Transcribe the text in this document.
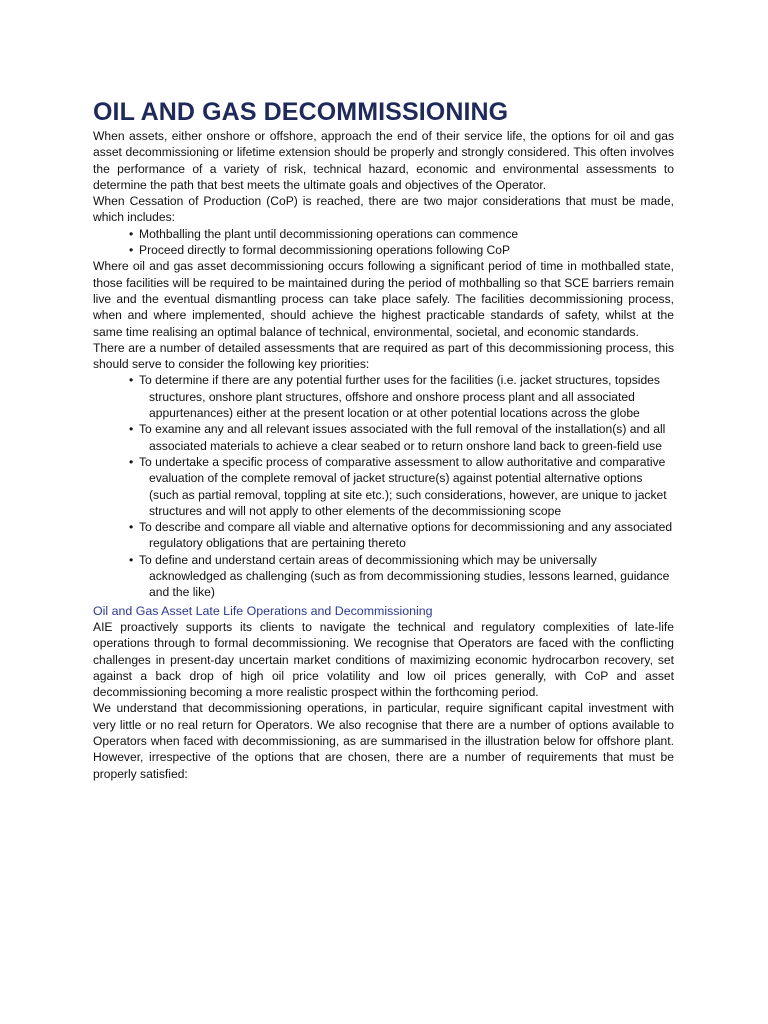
OIL AND GAS DECOMMISSIONING

When assets, either onshore or offshore, approach the end of their service life, the options for oil and gas asset decommissioning or lifetime extension should be properly and strongly considered. This often involves the performance of a variety of risk, technical hazard, economic and environmental assessments to determine the path that best meets the ultimate goals and objectives of the Operator.

When Cessation of Production (CoP) is reached, there are two major considerations that must be made, which includes:

• Mothballing the plant until decommissioning operations can commence
• Proceed directly to formal decommissioning operations following CoP

Where oil and gas asset decommissioning occurs following a significant period of time in mothballed state, those facilities will be required to be maintained during the period of mothballing so that SCE barriers remain live and the eventual dismantling process can take place safely. The facilities decommissioning process, when and where implemented, should achieve the highest practicable standards of safety, whilst at the same time realising an optimal balance of technical, environmental, societal, and economic standards.

There are a number of detailed assessments that are required as part of this decommissioning process, this should serve to consider the following key priorities:

• To determine if there are any potential further uses for the facilities (i.e. jacket structures, topsides structures, onshore plant structures, offshore and onshore process plant and all associated appurtenances) either at the present location or at other potential locations across the globe
• To examine any and all relevant issues associated with the full removal of the installation(s) and all associated materials to achieve a clear seabed or to return onshore land back to green-field use
• To undertake a specific process of comparative assessment to allow authoritative and comparative evaluation of the complete removal of jacket structure(s) against potential alternative options (such as partial removal, toppling at site etc.); such considerations, however, are unique to jacket structures and will not apply to other elements of the decommissioning scope
• To describe and compare all viable and alternative options for decommissioning and any associated regulatory obligations that are pertaining thereto
• To define and understand certain areas of decommissioning which may be universally acknowledged as challenging (such as from decommissioning studies, lessons learned, guidance and the like)
Oil and Gas Asset Late Life Operations and Decommissioning

AIE proactively supports its clients to navigate the technical and regulatory complexities of late-life operations through to formal decommissioning. We recognise that Operators are faced with the conflicting challenges in present-day uncertain market conditions of maximizing economic hydrocarbon recovery, set against a back drop of high oil price volatility and low oil prices generally, with CoP and asset decommissioning becoming a more realistic prospect within the forthcoming period.

We understand that decommissioning operations, in particular, require significant capital investment with very little or no real return for Operators. We also recognise that there are a number of options available to Operators when faced with decommissioning, as are summarised in the illustration below for offshore plant. However, irrespective of the options that are chosen, there are a number of requirements that must be properly satisfied:
